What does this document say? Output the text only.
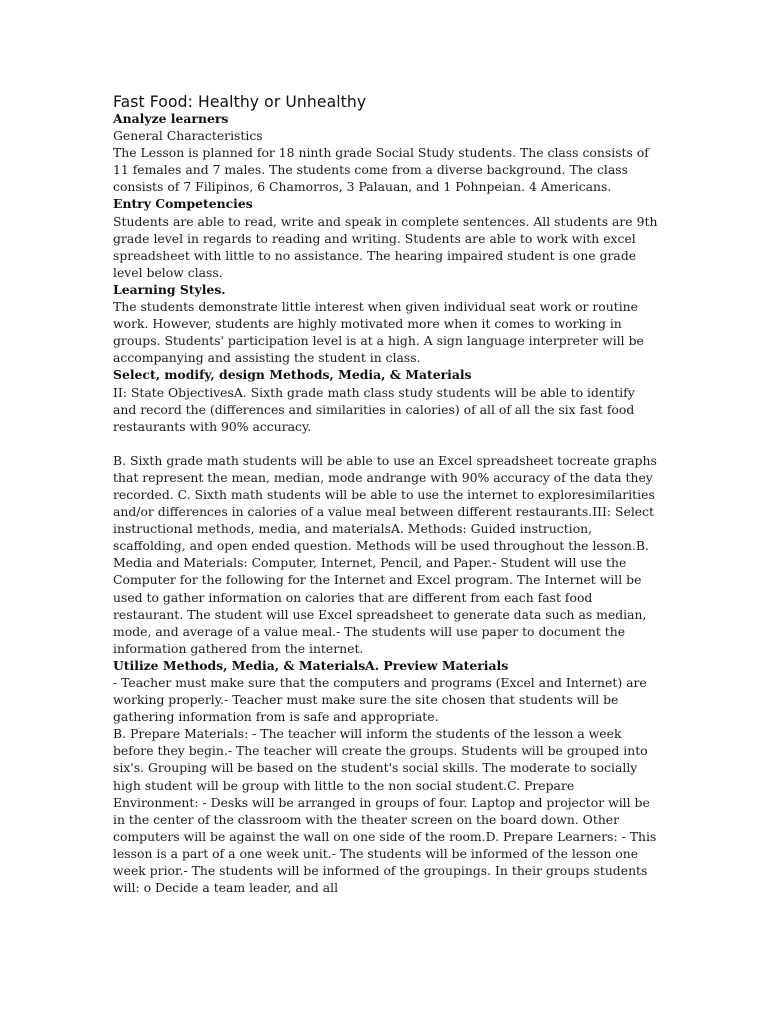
Fast Food: Healthy or Unhealthy

Analyze learners

General Characteristics

The Lesson is planned for 18 ninth grade Social Study students. The class consists of 11 females and 7 males. The students come from a diverse background. The class consists of 7 Filipinos, 6 Chamorros, 3 Palauan, and 1 Pohnpeian. 4 Americans.

Entry Competencies

Students are able to read, write and speak in complete sentences. All students are 9th grade level in regards to reading and writing. Students are able to work with excel spreadsheet with little to no assistance. The hearing impaired student is one grade level below class.

Learning Styles.

The students demonstrate little interest when given individual seat work or routine work. However, students are highly motivated more when it comes to working in groups. Students' participation level is at a high. A sign language interpreter will be accompanying and assisting the student in class.

Select, modify, design Methods, Media, & Materials

II: State ObjectivesA. Sixth grade math class study students will be able to identify and record the (differences and similarities in calories) of all of all the six fast food restaurants with 90% accuracy.

B. Sixth grade math students will be able to use an Excel spreadsheet tocreate graphs that represent the mean, median, mode andrange with 90% accuracy of the data they recorded. C. Sixth math students will be able to use the internet to exploresimilarities and/or differences in calories of a value meal between different restaurants.III: Select instructional methods, media, and materialsA. Methods: Guided instruction, scaffolding, and open ended question. Methods will be used throughout the lesson.B. Media and Materials: Computer, Internet, Pencil, and Paper.- Student will use the Computer for the following for the Internet and Excel program. The Internet will be used to gather information on calories that are different from each fast food restaurant. The student will use Excel spreadsheet to generate data such as median, mode, and average of a value meal.- The students will use paper to document the information gathered from the internet.

Utilize Methods, Media, & MaterialsA. Preview Materials

- Teacher must make sure that the computers and programs (Excel and Internet) are working properly.- Teacher must make sure the site chosen that students will be gathering information from is safe and appropriate.

B. Prepare Materials: - The teacher will inform the students of the lesson a week before they begin.- The teacher will create the groups. Students will be grouped into six's. Grouping will be based on the student's social skills. The moderate to socially high student will be group with little to the non social student.C. Prepare Environment: - Desks will be arranged in groups of four. Laptop and projector will be in the center of the classroom with the theater screen on the board down. Other computers will be against the wall on one side of the room.D. Prepare Learners: - This lesson is a part of a one week unit.- The students will be informed of the lesson one week prior.- The students will be informed of the groupings. In their groups students will: o Decide a team leader, and all
